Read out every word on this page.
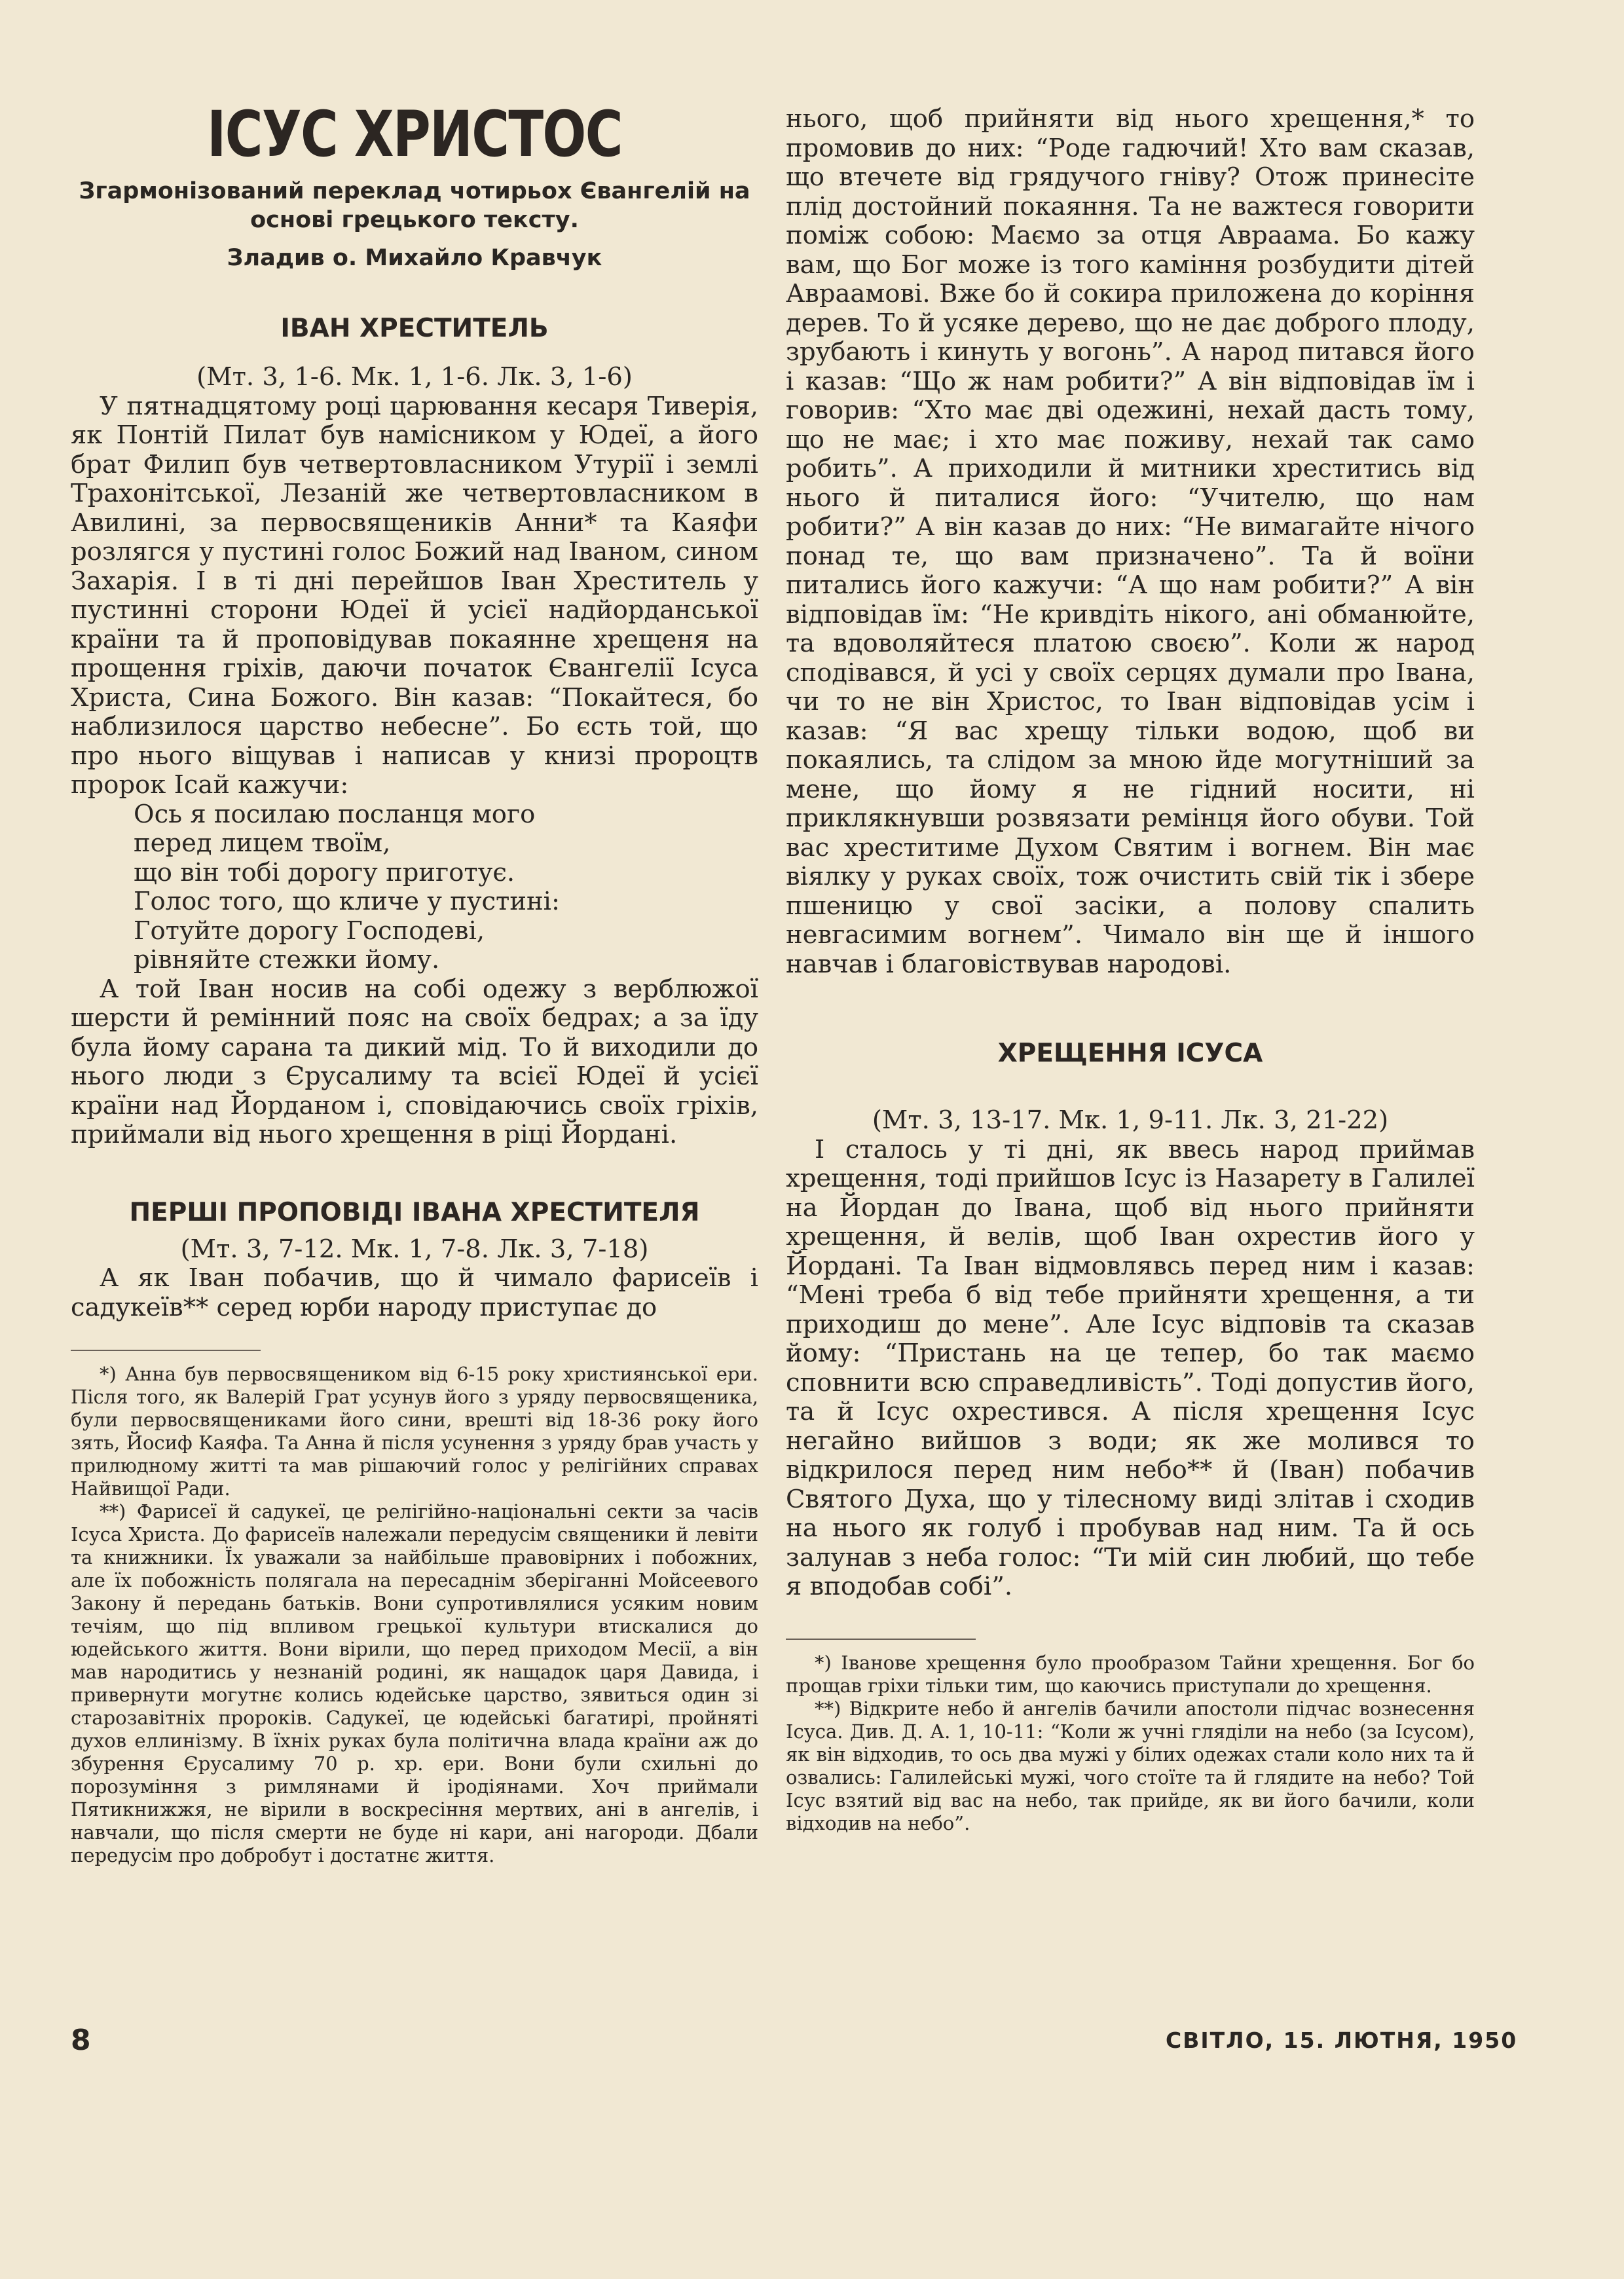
ІСУС ХРИСТОС

Згармонізований переклад чотирьох Євангелій на основі грецького тексту.

Зладив о. Михайло Кравчук

ІВАН ХРЕСТИТЕЛЬ

(Мт. 3, 1-6. Мк. 1, 1-6. Лк. 3, 1-6)

У пятнадцятому році царювання кесаря Тиверія, як Понтій Пилат був намісником у Юдеї, а його брат Филип був четвертовласником Утурії і землі Трахонітської, Лезаній же четвертовласником в Авилині, за первосвящеників Анни* та Каяфи розлягся у пустині голос Божий над Іваном, сином Захарія. І в ті дні перейшов Іван Хреститель у пустинні сторони Юдеї й усієї надйорданської країни та й проповідував покаянне хрещеня на прощення гріхів, даючи початок Євангелії Ісуса Христа, Сина Божого. Він казав: “Покайтеся, бо наблизилося царство небесне”. Бо єсть той, що про нього віщував і написав у книзі пророцтв пророк Ісай кажучи:

Ось я посилаю посланця мого
перед лицем твоїм,
що він тобі дорогу приготує.
Голос того, що кличе у пустині:
Готуйте дорогу Господеві,
рівняйте стежки йому.

А той Іван носив на собі одежу з верблюжої шерсти й ремінний пояс на своїх бедрах; а за їду була йому сарана та дикий мід. То й виходили до нього люди з Єрусалиму та всієї Юдеї й усієї країни над Йорданом і, сповідаючись своїх гріхів, приймали від нього хрещення в ріці Йордані.

ПЕРШІ ПРОПОВІДІ ІВАНА ХРЕСТИТЕЛЯ

(Мт. 3, 7-12. Мк. 1, 7-8. Лк. 3, 7-18)

А як Іван побачив, що й чимало фарисеїв і садукеїв** серед юрби народу приступає до

*) Анна був первосвящеником від 6-15 року християнської ери. Після того, як Валерій Грат усунув його з уряду первосвященика, були первосвящениками його сини, врешті від 18-36 року його зять, Йосиф Каяфа. Та Анна й після усунення з уряду брав участь у прилюдному житті та мав рішаючий голос у релігійних справах Найвищої Ради.

**) Фарисеї й садукеї, це релігійно-національні секти за часів Ісуса Христа. До фарисеїв належали передусім священики й левіти та книжники. Їх уважали за найбільше правовірних і побожних, але їх побожність полягала на пересаднім зберіганні Мойсеевого Закону й передань батьків. Вони супротивлялися усяким новим течіям, що під впливом грецької культури втискалися до юдейського життя. Вони вірили, що перед приходом Месії, а він мав народитись у незнаній родині, як нащадок царя Давида, і привернути могутнє колись юдейське царство, зявиться один зі старозавітніх пророків. Садукеї, це юдейські багатирі, пройняті духов еллинізму. В їхніх руках була політична влада країни аж до збурення Єрусалиму 70 р. хр. ери. Вони були схильні до порозуміння з римлянами й іродіянами. Хоч приймали Пятикнижжя, не вірили в воскресіння мертвих, ані в ангелів, і навчали, що після смерти не буде ні кари, ані нагороди. Дбали передусім про добробут і достатнє життя.

нього, щоб прийняти від нього хрещення,* то промовив до них: “Роде гадючий! Хто вам сказав, що втечете від грядучого гніву? Отож принесіте плід достойний покаяння. Та не важтеся говорити поміж собою: Маємо за отця Авраама. Бо кажу вам, що Бог може із того каміння розбудити дітей Авраамові. Вже бо й сокира приложена до коріння дерев. То й усяке дерево, що не дає доброго плоду, зрубають і кинуть у вогонь”. А народ питався його і казав: “Що ж нам робити?” А він відповідав їм і говорив: “Хто має дві одежині, нехай дасть тому, що не має; і хто має поживу, нехай так само робить”. А приходили й митники хреститись від нього й питалися його: “Учителю, що нам робити?” А він казав до них: “Не вимагайте нічого понад те, що вам призначено”. Та й воїни питались його кажучи: “А що нам робити?” А він відповідав їм: “Не кривдіть нікого, ані обманюйте, та вдоволяйтеся платою своєю”. Коли ж народ сподівався, й усі у своїх серцях думали про Івана, чи то не він Христос, то Іван відповідав усім і казав: “Я вас хрещу тільки водою, щоб ви покаялись, та слідом за мною йде могутніший за мене, що йому я не гідний носити, ні приклякнувши розвязати ремінця його обуви. Той вас хреститиме Духом Святим і вогнем. Він має віялку у руках своїх, тож очистить свій тік і збере пшеницю у свої засіки, а полову спалить невгасимим вогнем”. Чимало він ще й іншого навчав і благовіствував народові.

ХРЕЩЕННЯ ІСУСА

(Мт. 3, 13-17. Мк. 1, 9-11. Лк. 3, 21-22)

І сталось у ті дні, як ввесь народ приймав хрещення, тоді прийшов Ісус із Назарету в Галилеї на Йордан до Івана, щоб від нього прийняти хрещення, й велів, щоб Іван охрестив його у Йордані. Та Іван відмовлявсь перед ним і казав: “Мені треба б від тебе прийняти хрещення, а ти приходиш до мене”. Але Ісус відповів та сказав йому: “Пристань на це тепер, бо так маємо сповнити всю справедливість”. Тоді допустив його, та й Ісус охрестився. А після хрещення Ісус негайно вийшов з води; як же молився то відкрилося перед ним небо** й (Іван) побачив Святого Духа, що у тілесному виді злітав і сходив на нього як голуб і пробував над ним. Та й ось залунав з неба голос: “Ти мій син любий, що тебе я вподобав собі”.

*) Іванове хрещення було прообразом Тайни хрещення. Бог бо прощав гріхи тільки тим, що каючись приступали до хрещення.

**) Відкрите небо й ангелів бачили апостоли підчас вознесення Ісуса. Див. Д. А. 1, 10-11: “Коли ж учні гляділи на небо (за Ісусом), як він відходив, то ось два мужі у білих одежах стали коло них та й озвались: Галилейські мужі, чого стоїте та й глядите на небо? Той Ісус взятий від вас на небо, так прийде, як ви його бачили, коли відходив на небо”.

8	СВІТЛО, 15. ЛЮТНЯ, 1950
